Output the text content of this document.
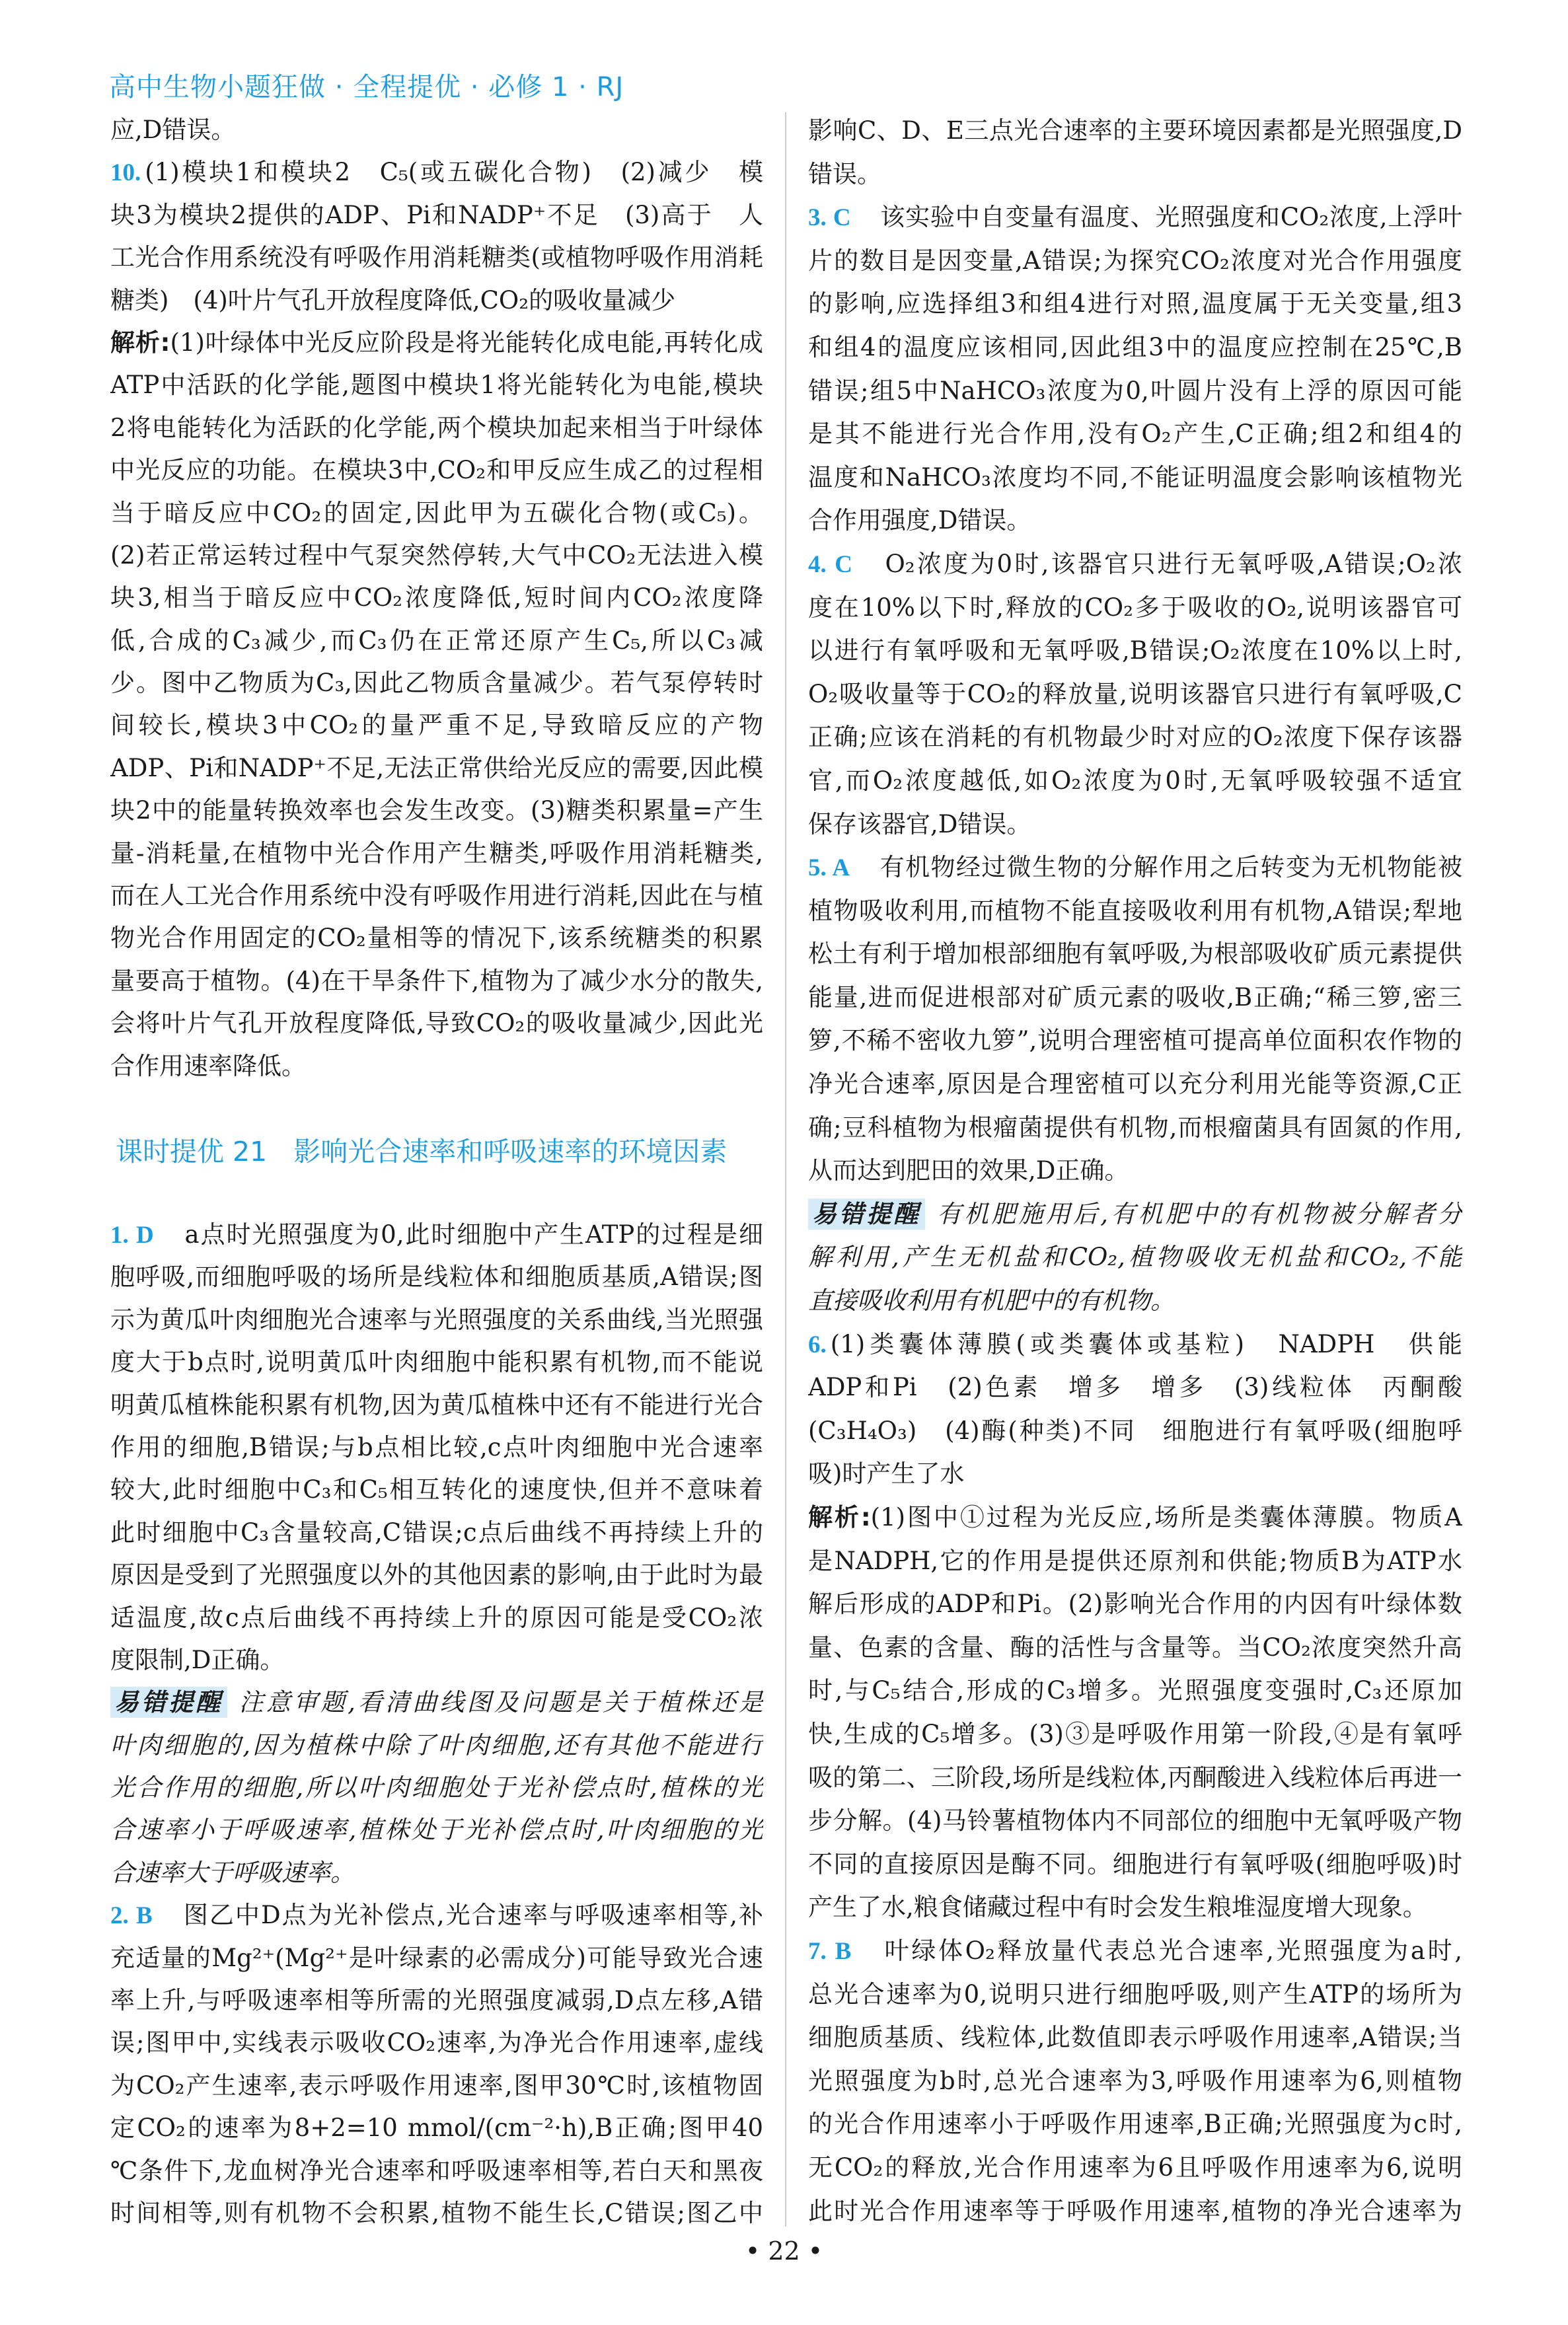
高中生物小题狂做 · 全程提优 · 必修 1 · RJ
应,D错误。
10. (1)模块1和模块2　C₅(或五碳化合物)　(2)减少　模
块3为模块2提供的ADP、Pi和NADP⁺不足　(3)高于　人
工光合作用系统没有呼吸作用消耗糖类(或植物呼吸作用消耗
糖类)　(4)叶片气孔开放程度降低,CO₂的吸收量减少
解析:(1)叶绿体中光反应阶段是将光能转化成电能,再转化成
ATP中活跃的化学能,题图中模块1将光能转化为电能,模块
2将电能转化为活跃的化学能,两个模块加起来相当于叶绿体
中光反应的功能。在模块3中,CO₂和甲反应生成乙的过程相
当于暗反应中CO₂的固定,因此甲为五碳化合物(或C₅)。
(2)若正常运转过程中气泵突然停转,大气中CO₂无法进入模
块3,相当于暗反应中CO₂浓度降低,短时间内CO₂浓度降
低,合成的C₃减少,而C₃仍在正常还原产生C₅,所以C₃减
少。图中乙物质为C₃,因此乙物质含量减少。若气泵停转时
间较长,模块3中CO₂的量严重不足,导致暗反应的产物
ADP、Pi和NADP⁺不足,无法正常供给光反应的需要,因此模
块2中的能量转换效率也会发生改变。(3)糖类积累量=产生
量-消耗量,在植物中光合作用产生糖类,呼吸作用消耗糖类,
而在人工光合作用系统中没有呼吸作用进行消耗,因此在与植
物光合作用固定的CO₂量相等的情况下,该系统糖类的积累
量要高于植物。(4)在干旱条件下,植物为了减少水分的散失,
会将叶片气孔开放程度降低,导致CO₂的吸收量减少,因此光
合作用速率降低。
课时提优 21 影响光合速率和呼吸速率的环境因素
1. D　a点时光照强度为0,此时细胞中产生ATP的过程是细
胞呼吸,而细胞呼吸的场所是线粒体和细胞质基质,A错误;图
示为黄瓜叶肉细胞光合速率与光照强度的关系曲线,当光照强
度大于b点时,说明黄瓜叶肉细胞中能积累有机物,而不能说
明黄瓜植株能积累有机物,因为黄瓜植株中还有不能进行光合
作用的细胞,B错误;与b点相比较,c点叶肉细胞中光合速率
较大,此时细胞中C₃和C₅相互转化的速度快,但并不意味着
此时细胞中C₃含量较高,C错误;c点后曲线不再持续上升的
原因是受到了光照强度以外的其他因素的影响,由于此时为最
适温度,故c点后曲线不再持续上升的原因可能是受CO₂浓
度限制,D正确。
易错提醒 注意审题,看清曲线图及问题是关于植株还是
叶肉细胞的,因为植株中除了叶肉细胞,还有其他不能进行
光合作用的细胞,所以叶肉细胞处于光补偿点时,植株的光
合速率小于呼吸速率,植株处于光补偿点时,叶肉细胞的光
合速率大于呼吸速率。
2. B　图乙中D点为光补偿点,光合速率与呼吸速率相等,补
充适量的Mg²⁺(Mg²⁺是叶绿素的必需成分)可能导致光合速
率上升,与呼吸速率相等所需的光照强度减弱,D点左移,A错
误;图甲中,实线表示吸收CO₂速率,为净光合作用速率,虚线
为CO₂产生速率,表示呼吸作用速率,图甲30℃时,该植物固
定CO₂的速率为8+2=10 mmol/(cm⁻²·h),B正确;图甲40
℃条件下,龙血树净光合速率和呼吸速率相等,若白天和黑夜
时间相等,则有机物不会积累,植物不能生长,C错误;图乙中
影响C、D、E三点光合速率的主要环境因素都是光照强度,D
错误。
3. C　该实验中自变量有温度、光照强度和CO₂浓度,上浮叶
片的数目是因变量,A错误;为探究CO₂浓度对光合作用强度
的影响,应选择组3和组4进行对照,温度属于无关变量,组3
和组4的温度应该相同,因此组3中的温度应控制在25℃,B
错误;组5中NaHCO₃浓度为0,叶圆片没有上浮的原因可能
是其不能进行光合作用,没有O₂产生,C正确;组2和组4的
温度和NaHCO₃浓度均不同,不能证明温度会影响该植物光
合作用强度,D错误。
4. C　O₂浓度为0时,该器官只进行无氧呼吸,A错误;O₂浓
度在10%以下时,释放的CO₂多于吸收的O₂,说明该器官可
以进行有氧呼吸和无氧呼吸,B错误;O₂浓度在10%以上时,
O₂吸收量等于CO₂的释放量,说明该器官只进行有氧呼吸,C
正确;应该在消耗的有机物最少时对应的O₂浓度下保存该器
官,而O₂浓度越低,如O₂浓度为0时,无氧呼吸较强不适宜
保存该器官,D错误。
5. A　有机物经过微生物的分解作用之后转变为无机物能被
植物吸收利用,而植物不能直接吸收利用有机物,A错误;犁地
松土有利于增加根部细胞有氧呼吸,为根部吸收矿质元素提供
能量,进而促进根部对矿质元素的吸收,B正确;“稀三箩,密三
箩,不稀不密收九箩”,说明合理密植可提高单位面积农作物的
净光合速率,原因是合理密植可以充分利用光能等资源,C正
确;豆科植物为根瘤菌提供有机物,而根瘤菌具有固氮的作用,
从而达到肥田的效果,D正确。
易错提醒 有机肥施用后,有机肥中的有机物被分解者分
解利用,产生无机盐和CO₂,植物吸收无机盐和CO₂,不能
直接吸收利用有机肥中的有机物。
6. (1)类囊体薄膜(或类囊体或基粒)　NADPH　供能
ADP和Pi　(2)色素　增多　增多　(3)线粒体　丙酮酸
(C₃H₄O₃)　(4)酶(种类)不同　细胞进行有氧呼吸(细胞呼
吸)时产生了水
解析:(1)图中①过程为光反应,场所是类囊体薄膜。物质A
是NADPH,它的作用是提供还原剂和供能;物质B为ATP水
解后形成的ADP和Pi。(2)影响光合作用的内因有叶绿体数
量、色素的含量、酶的活性与含量等。当CO₂浓度突然升高
时,与C₅结合,形成的C₃增多。光照强度变强时,C₃还原加
快,生成的C₅增多。(3)③是呼吸作用第一阶段,④是有氧呼
吸的第二、三阶段,场所是线粒体,丙酮酸进入线粒体后再进一
步分解。(4)马铃薯植物体内不同部位的细胞中无氧呼吸产物
不同的直接原因是酶不同。细胞进行有氧呼吸(细胞呼吸)时
产生了水,粮食储藏过程中有时会发生粮堆湿度增大现象。
7. B　叶绿体O₂释放量代表总光合速率,光照强度为a时,
总光合速率为0,说明只进行细胞呼吸,则产生ATP的场所为
细胞质基质、线粒体,此数值即表示呼吸作用速率,A错误;当
光照强度为b时,总光合速率为3,呼吸作用速率为6,则植物
的光合作用速率小于呼吸作用速率,B正确;光照强度为c时,
无CO₂的释放,光合作用速率为6且呼吸作用速率为6,说明
此时光合作用速率等于呼吸作用速率,植物的净光合速率为
• 22 •
